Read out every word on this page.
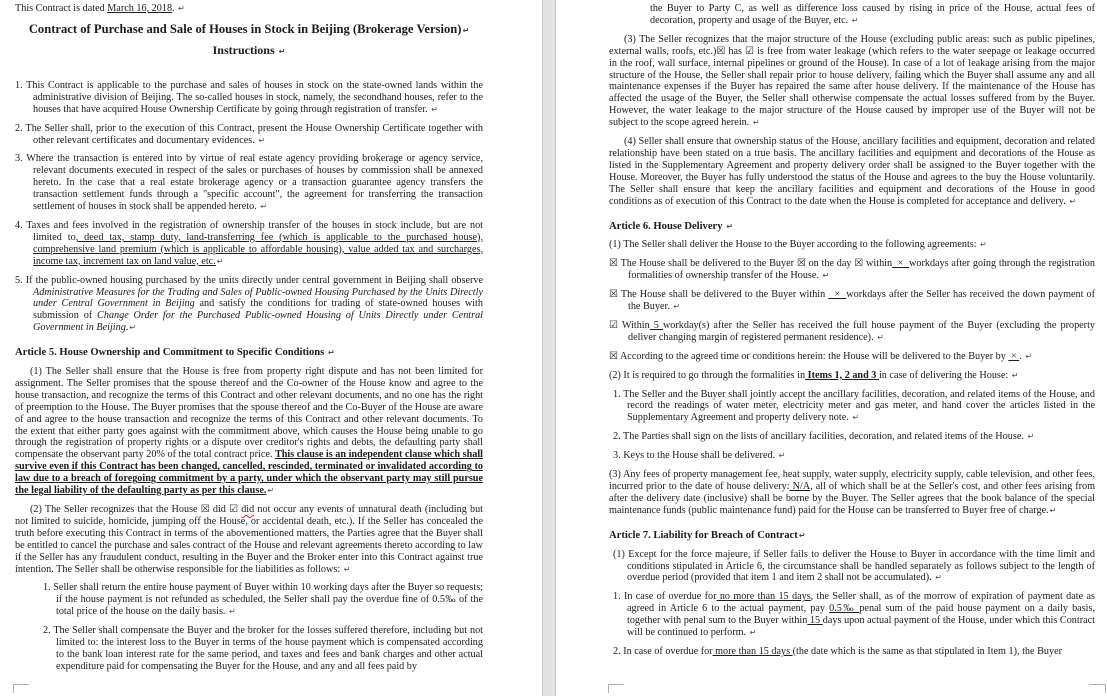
This Contract is dated March 16, 2018. ↵
Contract of Purchase and Sale of Houses in Stock in Beijing (Brokerage Version)↵
Instructions ↵
1. This Contract is applicable to the purchase and sales of houses in stock on the state-owned lands within the administrative division of Beijing. The so-called houses in stock, namely, the secondhand houses, refer to the houses that have acquired House Ownership Certificate by going through registration of transfer. ↵
2. The Seller shall, prior to the execution of this Contract, present the House Ownership Certificate together with other relevant certificates and documentary evidences. ↵
3. Where the transaction is entered into by virtue of real estate agency providing brokerage or agency service, relevant documents executed in respect of the sales or purchases of houses by commission shall be annexed hereto. In the case that a real estate brokerage agency or a transaction guarantee agency transfers the transaction settlement funds through a "specific account", the agreement for transferring the transaction settlement of houses in stock shall be appended hereto. ↵
4. Taxes and fees involved in the registration of ownership transfer of the houses in stock include, but are not limited to, deed tax, stamp duty, land-transferring fee (which is applicable to the purchased house), comprehensive land premium (which is applicable to affordable housing), value added tax and surcharges, income tax, increment tax on land value, etc.↵
5. If the public-owned housing purchased by the units directly under central government in Beijing shall observe Administrative Measures for the Trading and Sales of Public-owned Housing Purchased by the Units Directly under Central Government in Beijing and satisfy the conditions for trading of state-owned houses with submission of Change Order for the Purchased Public-owned Housing of Units Directly under Central Government in Beijing.↵
Article 5. House Ownership and Commitment to Specific Conditions ↵
(1) The Seller shall ensure that the House is free from property right dispute and has not been limited for assignment. The Seller promises that the spouse thereof and the Co-owner of the House know and agree to the house transaction, and recognize the terms of this Contract and other relevant documents, and no one has the right of preemption to the House. The Buyer promises that the spouse thereof and the Co-Buyer of the House are aware of and agree to the house transaction and recognize the terms of this Contract and other relevant documents. To the extent that either party goes against with the commitment above, which causes the House being unable to go through the registration of property rights or a dispute over creditor's rights and debts, the defaulting party shall compensate the observant party 20% of the total contract price. This clause is an independent clause which shall survive even if this Contract has been changed, cancelled, rescinded, terminated or invalidated according to law due to a breach of foregoing commitment by a party, under which the observant party may still pursue the legal liability of the defaulting party as per this clause.↵
(2) The Seller recognizes that the House ☒ did ☑ did not occur any events of unnatural death (including but not limited to suicide, homicide, jumping off the House, or accidental death, etc.). If the Seller has concealed the truth before executing this Contract in terms of the abovementioned matters, the Parties agree that the Buyer shall be entitled to cancel the purchase and sales contract of the House and relevant agreements thereto according to law if the Seller has any fraudulent conduct, resulting in the Buyer and the Broker enter into this Contract against true intention. The Seller shall be otherwise responsible for the liabilities as follows: ↵
1. Seller shall return the entire house payment of Buyer within 10 working days after the Buyer so requests; if the house payment is not refunded as scheduled, the Seller shall pay the overdue fine of 0.5‰ of the total price of the house on the daily basis. ↵
2. The Seller shall compensate the Buyer and the broker for the losses suffered therefore, including but not limited to: the interest loss to the Buyer in terms of the house payment which is compensated according to the bank loan interest rate for the same period, and taxes and fees and bank charges and other actual expenditure paid for compensating the Buyer for the House, and any and all fees paid by
the Buyer to Party C, as well as difference loss caused by rising in price of the House, actual fees of decoration, property and usage of the Buyer, etc. ↵
(3) The Seller recognizes that the major structure of the House (excluding public areas: such as public pipelines, external walls, roofs, etc.)☒ has ☑ is free from water leakage (which refers to the water seepage or leakage occurred in the roof, wall surface, internal pipelines or ground of the House). In case of a lot of leakage arising from the major structure of the House, the Seller shall repair prior to house delivery, failing which the Buyer shall assume any and all maintenance expenses if the Buyer has repaired the same after house delivery. If the maintenance of the House has affected the usage of the Buyer, the Seller shall otherwise compensate the actual losses suffered from by the Buyer. However, the water leakage to the major structure of the House caused by improper use of the Buyer will not be subject to the scope agreed herein. ↵
(4) Seller shall ensure that ownership status of the House, ancillary facilities and equipment, decoration and related relationship have been stated on a true basis. The ancillary facilities and equipment and decorations of the House as listed in the Supplementary Agreement and property delivery order shall be assigned to the Buyer together with the House. Moreover, the Buyer has fully understood the status of the House and agrees to the buy the House voluntarily. The Seller shall ensure that keep the ancillary facilities and equipment and decorations of the House in good conditions as of execution of this Contract to the date when the House is completed for acceptance and delivery. ↵
Article 6. House Delivery ↵
(1) The Seller shall deliver the House to the Buyer according to the following agreements: ↵
☒ The House shall be delivered to the Buyer ☒ on the day ☒ within  ×  workdays after going through the registration formalities of ownership transfer of the House. ↵
☒ The House shall be delivered to the Buyer within   ×  workdays after the Seller has received the down payment of the Buyer. ↵
☑ Within 5 workday(s) after the Seller has received the full house payment of the Buyer (excluding the property deliver changing margin of registered permanent residence). ↵
☒ According to the agreed time or conditions herein: the House will be delivered to the Buyer by  × . ↵
(2) It is required to go through the formalities in Items 1, 2 and 3 in case of delivering the House: ↵
1. The Seller and the Buyer shall jointly accept the ancillary facilities, decoration, and related items of the House, and record the readings of water meter, electricity meter and gas meter, and hand cover the articles listed in the Supplementary Agreement and property delivery note. ↵
2. The Parties shall sign on the lists of ancillary facilities, decoration, and related items of the House. ↵
3. Keys to the House shall be delivered. ↵
(3) Any fees of property management fee, heat supply, water supply, electricity supply, cable television, and other fees, incurred prior to the date of house delivery: N/A, all of which shall be at the Seller's cost, and other fees arising from after the delivery date (inclusive) shall be borne by the Buyer. The Seller agrees that the book balance of the special maintenance funds (public maintenance fund) paid for the House can be transferred to Buyer free of charge.↵
Article 7. Liability for Breach of Contract↵
(1) Except for the force majeure, if Seller fails to deliver the House to Buyer in accordance with the time limit and conditions stipulated in Article 6, the circumstance shall be handled separately as follows subject to the length of overdue period (provided that item 1 and item 2 shall not be accumulated). ↵
1. In case of overdue for no more than 15 days, the Seller shall, as of the morrow of expiration of payment date as agreed in Article 6 to the actual payment, pay 0.5‰ penal sum of the paid house payment on a daily basis, together with penal sum to the Buyer within 15 days upon actual payment of the House, under which this Contract will be continued to perform. ↵
2. In case of overdue for more than 15 days (the date which is the same as that stipulated in Item 1), the Buyer
